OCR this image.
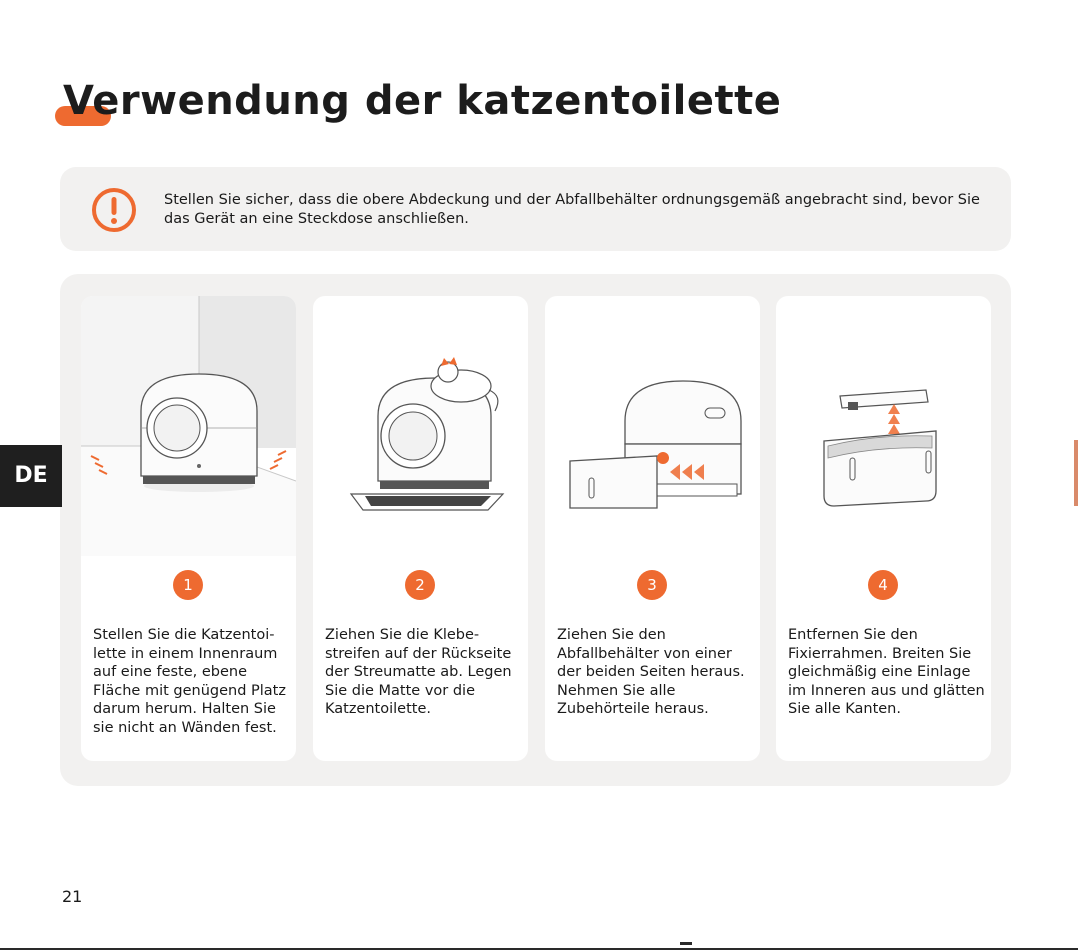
Verwendung der katzentoilette

Stellen Sie sicher, dass die obere Abdeckung und der Abfallbehälter ordnungsgemäß angebracht sind, bevor Sie das Gerät an eine Steckdose anschließen.

1

Stellen Sie die Katzentoi-lette in einem Innenraum auf eine feste, ebene Fläche mit genügend Platz darum herum. Halten Sie sie nicht an Wänden fest.

2

Ziehen Sie die Klebe-streifen auf der Rückseite der Streumatte ab. Legen Sie die Matte vor die Katzentoilette.

3

Ziehen Sie den Abfallbehälter von einer der beiden Seiten heraus. Nehmen Sie alle Zubehörteile heraus.

4

Entfernen Sie den Fixierrahmen. Breiten Sie gleichmäßig eine Einlage im Inneren aus und glätten Sie alle Kanten.

DE
21
